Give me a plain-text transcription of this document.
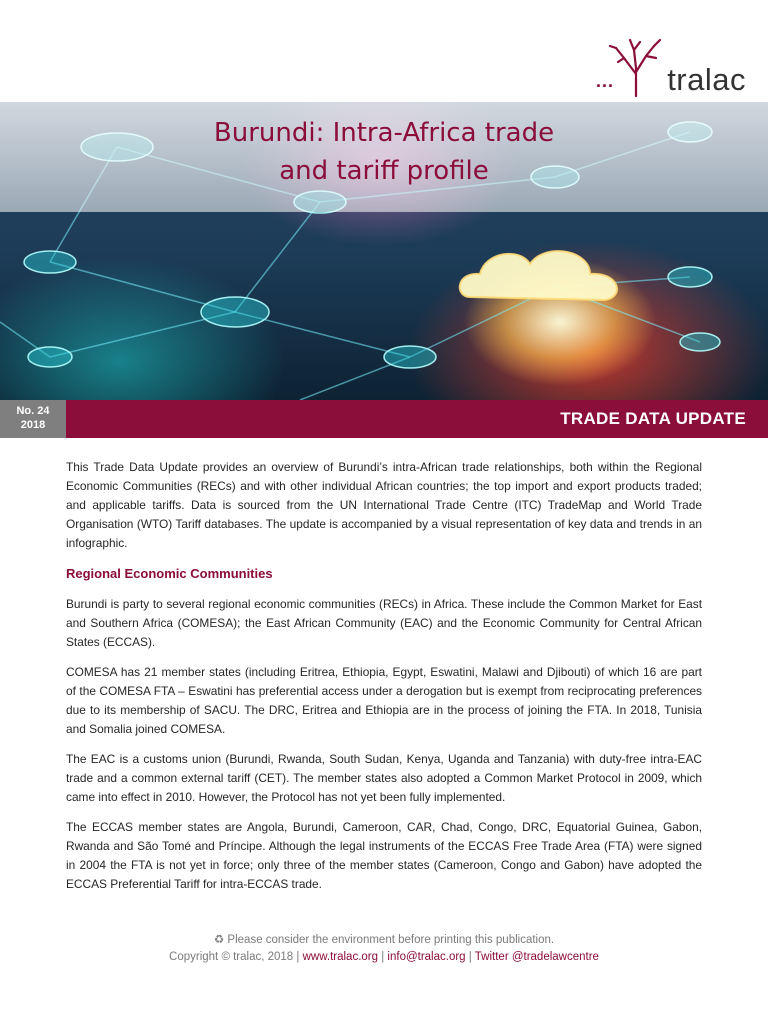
... tralac
Burundi: Intra-Africa trade
and tariff profile
No. 24
2018	TRADE DATA UPDATE

This Trade Data Update provides an overview of Burundi’s intra-African trade relationships, both within the Regional Economic Communities (RECs) and with other individual African countries; the top import and export products traded; and applicable tariffs. Data is sourced from the UN International Trade Centre (ITC) TradeMap and World Trade Organisation (WTO) Tariff databases. The update is accompanied by a visual representation of key data and trends in an infographic.

Regional Economic Communities

Burundi is party to several regional economic communities (RECs) in Africa. These include the Common Market for East and Southern Africa (COMESA); the East African Community (EAC) and the Economic Community for Central African States (ECCAS).

COMESA has 21 member states (including Eritrea, Ethiopia, Egypt, Eswatini, Malawi and Djibouti) of which 16 are part of the COMESA FTA – Eswatini has preferential access under a derogation but is exempt from reciprocating preferences due to its membership of SACU. The DRC, Eritrea and Ethiopia are in the process of joining the FTA. In 2018, Tunisia and Somalia joined COMESA.

The EAC is a customs union (Burundi, Rwanda, South Sudan, Kenya, Uganda and Tanzania) with duty-free intra-EAC trade and a common external tariff (CET). The member states also adopted a Common Market Protocol in 2009, which came into effect in 2010. However, the Protocol has not yet been fully implemented.

The ECCAS member states are Angola, Burundi, Cameroon, CAR, Chad, Congo, DRC, Equatorial Guinea, Gabon, Rwanda and São Tomé and Príncipe. Although the legal instruments of the ECCAS Free Trade Area (FTA) were signed in 2004 the FTA is not yet in force; only three of the member states (Cameroon, Congo and Gabon) have adopted the ECCAS Preferential Tariff for intra-ECCAS trade.

♻ Please consider the environment before printing this publication.
Copyright © tralac, 2018 | www.tralac.org | info@tralac.org | Twitter @tradelawcentre
